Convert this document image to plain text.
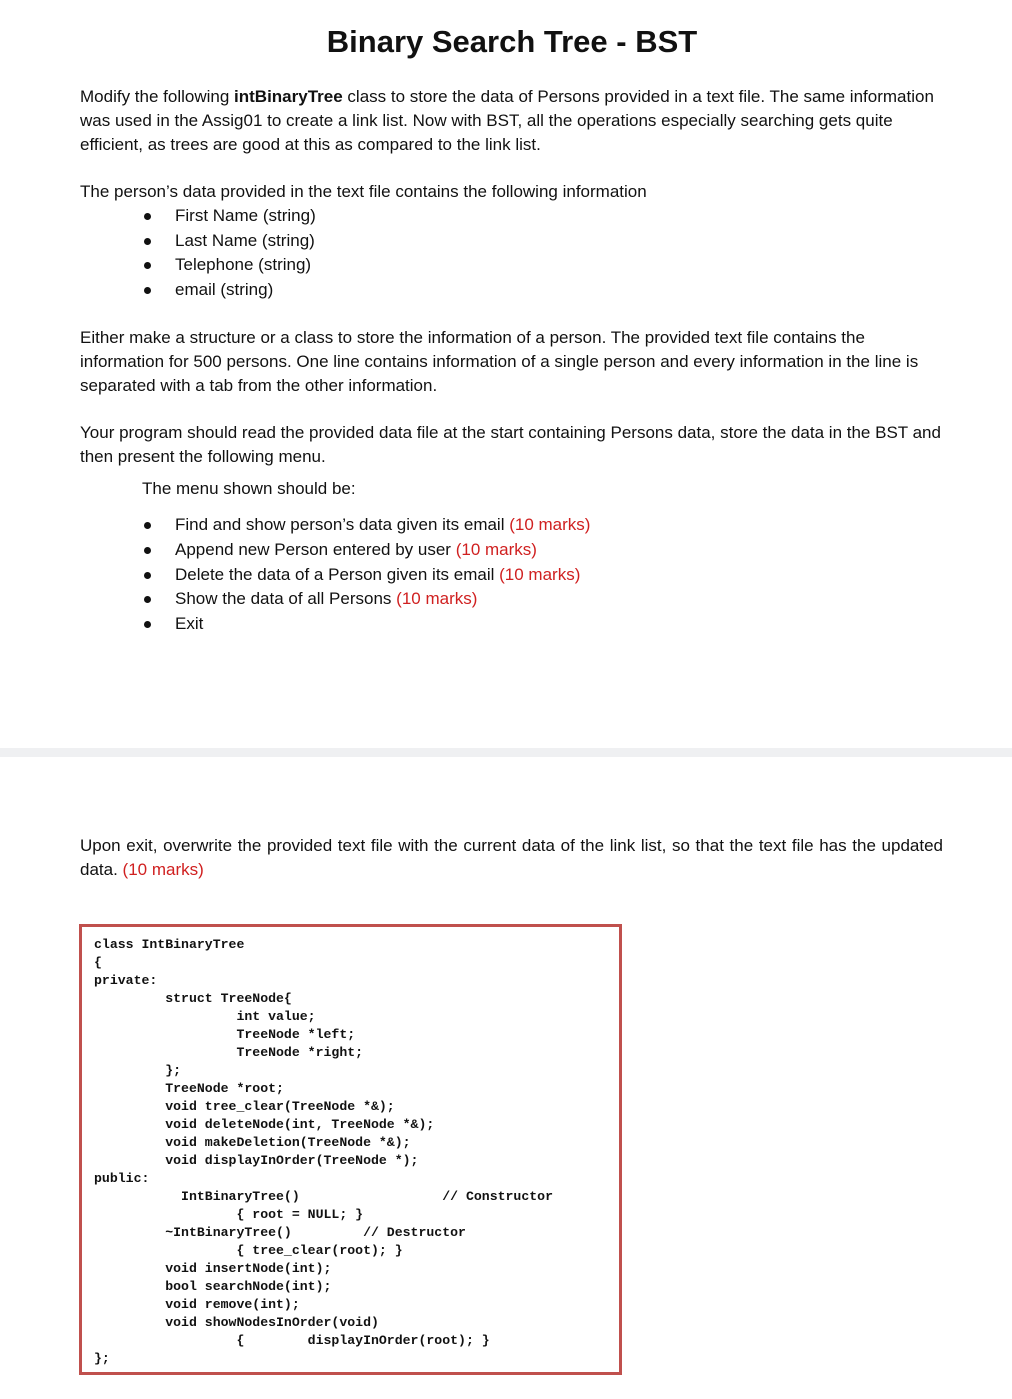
Binary Search Tree - BST

Modify the following intBinaryTree class to store the data of Persons provided in a text file. The same information was used in the Assig01 to create a link list. Now with BST, all the operations especially searching gets quite efficient, as trees are good at this as compared to the link list.

The person’s data provided in the text file contains the following information

First Name (string)
Last Name (string)
Telephone (string)
email (string)

Either make a structure or a class to store the information of a person. The provided text file contains the information for 500 persons. One line contains information of a single person and every information in the line is separated with a tab from the other information.

Your program should read the provided data file at the start containing Persons data, store the data in the BST and then present the following menu.

The menu shown should be:

Find and show person’s data given its email (10 marks)
Append new Person entered by user (10 marks)
Delete the data of a Person given its email (10 marks)
Show the data of all Persons (10 marks)
Exit

Upon exit, overwrite the provided text file with the current data of the link list, so that the text file has the updated data. (10 marks)

class IntBinaryTree
{
private:
struct TreeNode{
int value;
TreeNode *left;
TreeNode *right;
};
TreeNode *root;
void tree_clear(TreeNode *&);
void deleteNode(int, TreeNode *&);
void makeDeletion(TreeNode *&);
void displayInOrder(TreeNode *);
public:
IntBinaryTree()                  // Constructor
{ root = NULL; }
~IntBinaryTree()         // Destructor
{ tree_clear(root); }
void insertNode(int);
bool searchNode(int);
void remove(int);
void showNodesInOrder(void)
{        displayInOrder(root); }
};
